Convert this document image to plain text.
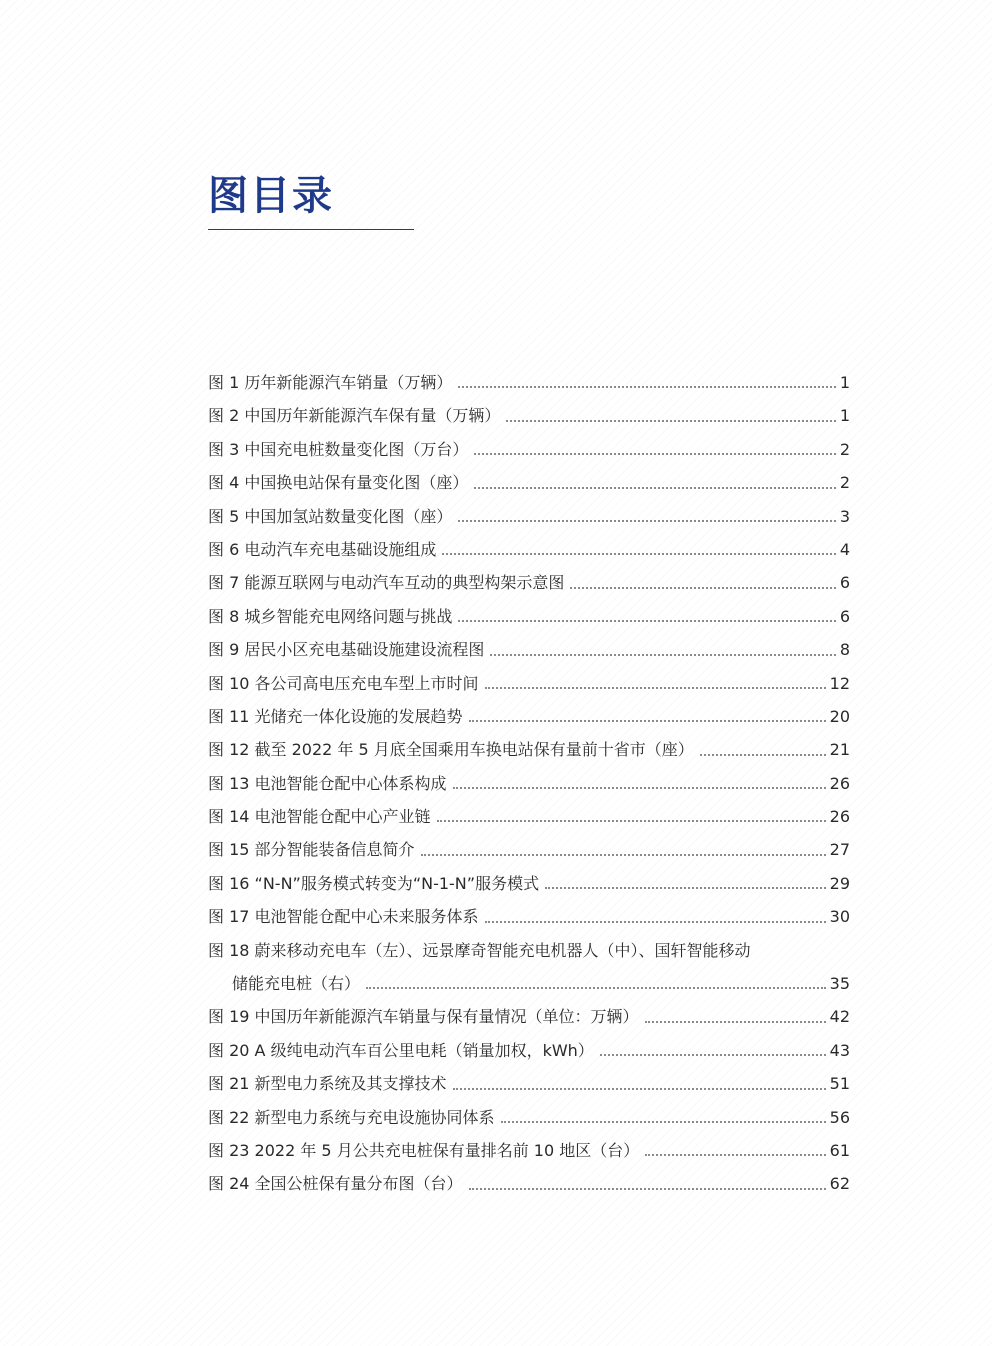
图目录
图 1 历年新能源汽车销量（万辆）	1
图 2 中国历年新能源汽车保有量（万辆）	1
图 3 中国充电桩数量变化图（万台）	2
图 4 中国换电站保有量变化图（座）	2
图 5 中国加氢站数量变化图（座）	3
图 6 电动汽车充电基础设施组成	4
图 7 能源互联网与电动汽车互动的典型构架示意图	6
图 8 城乡智能充电网络问题与挑战	6
图 9 居民小区充电基础设施建设流程图	8
图 10 各公司高电压充电车型上市时间	12
图 11 光储充一体化设施的发展趋势	20
图 12 截至 2022 年 5 月底全国乘用车换电站保有量前十省市（座）	21
图 13 电池智能仓配中心体系构成	26
图 14 电池智能仓配中心产业链	26
图 15 部分智能装备信息简介	27
图 16 “N-N”服务模式转变为“N-1-N”服务模式	29
图 17 电池智能仓配中心未来服务体系	30
图 18 蔚来移动充电车（左）、远景摩奇智能充电机器人（中）、国轩智能移动
储能充电桩（右）	35
图 19 中国历年新能源汽车销量与保有量情况（单位：万辆）	42
图 20 A 级纯电动汽车百公里电耗（销量加权，kWh）	43
图 21 新型电力系统及其支撑技术	51
图 22 新型电力系统与充电设施协同体系	56
图 23 2022 年 5 月公共充电桩保有量排名前 10 地区（台）	61
图 24 全国公桩保有量分布图（台）	62
